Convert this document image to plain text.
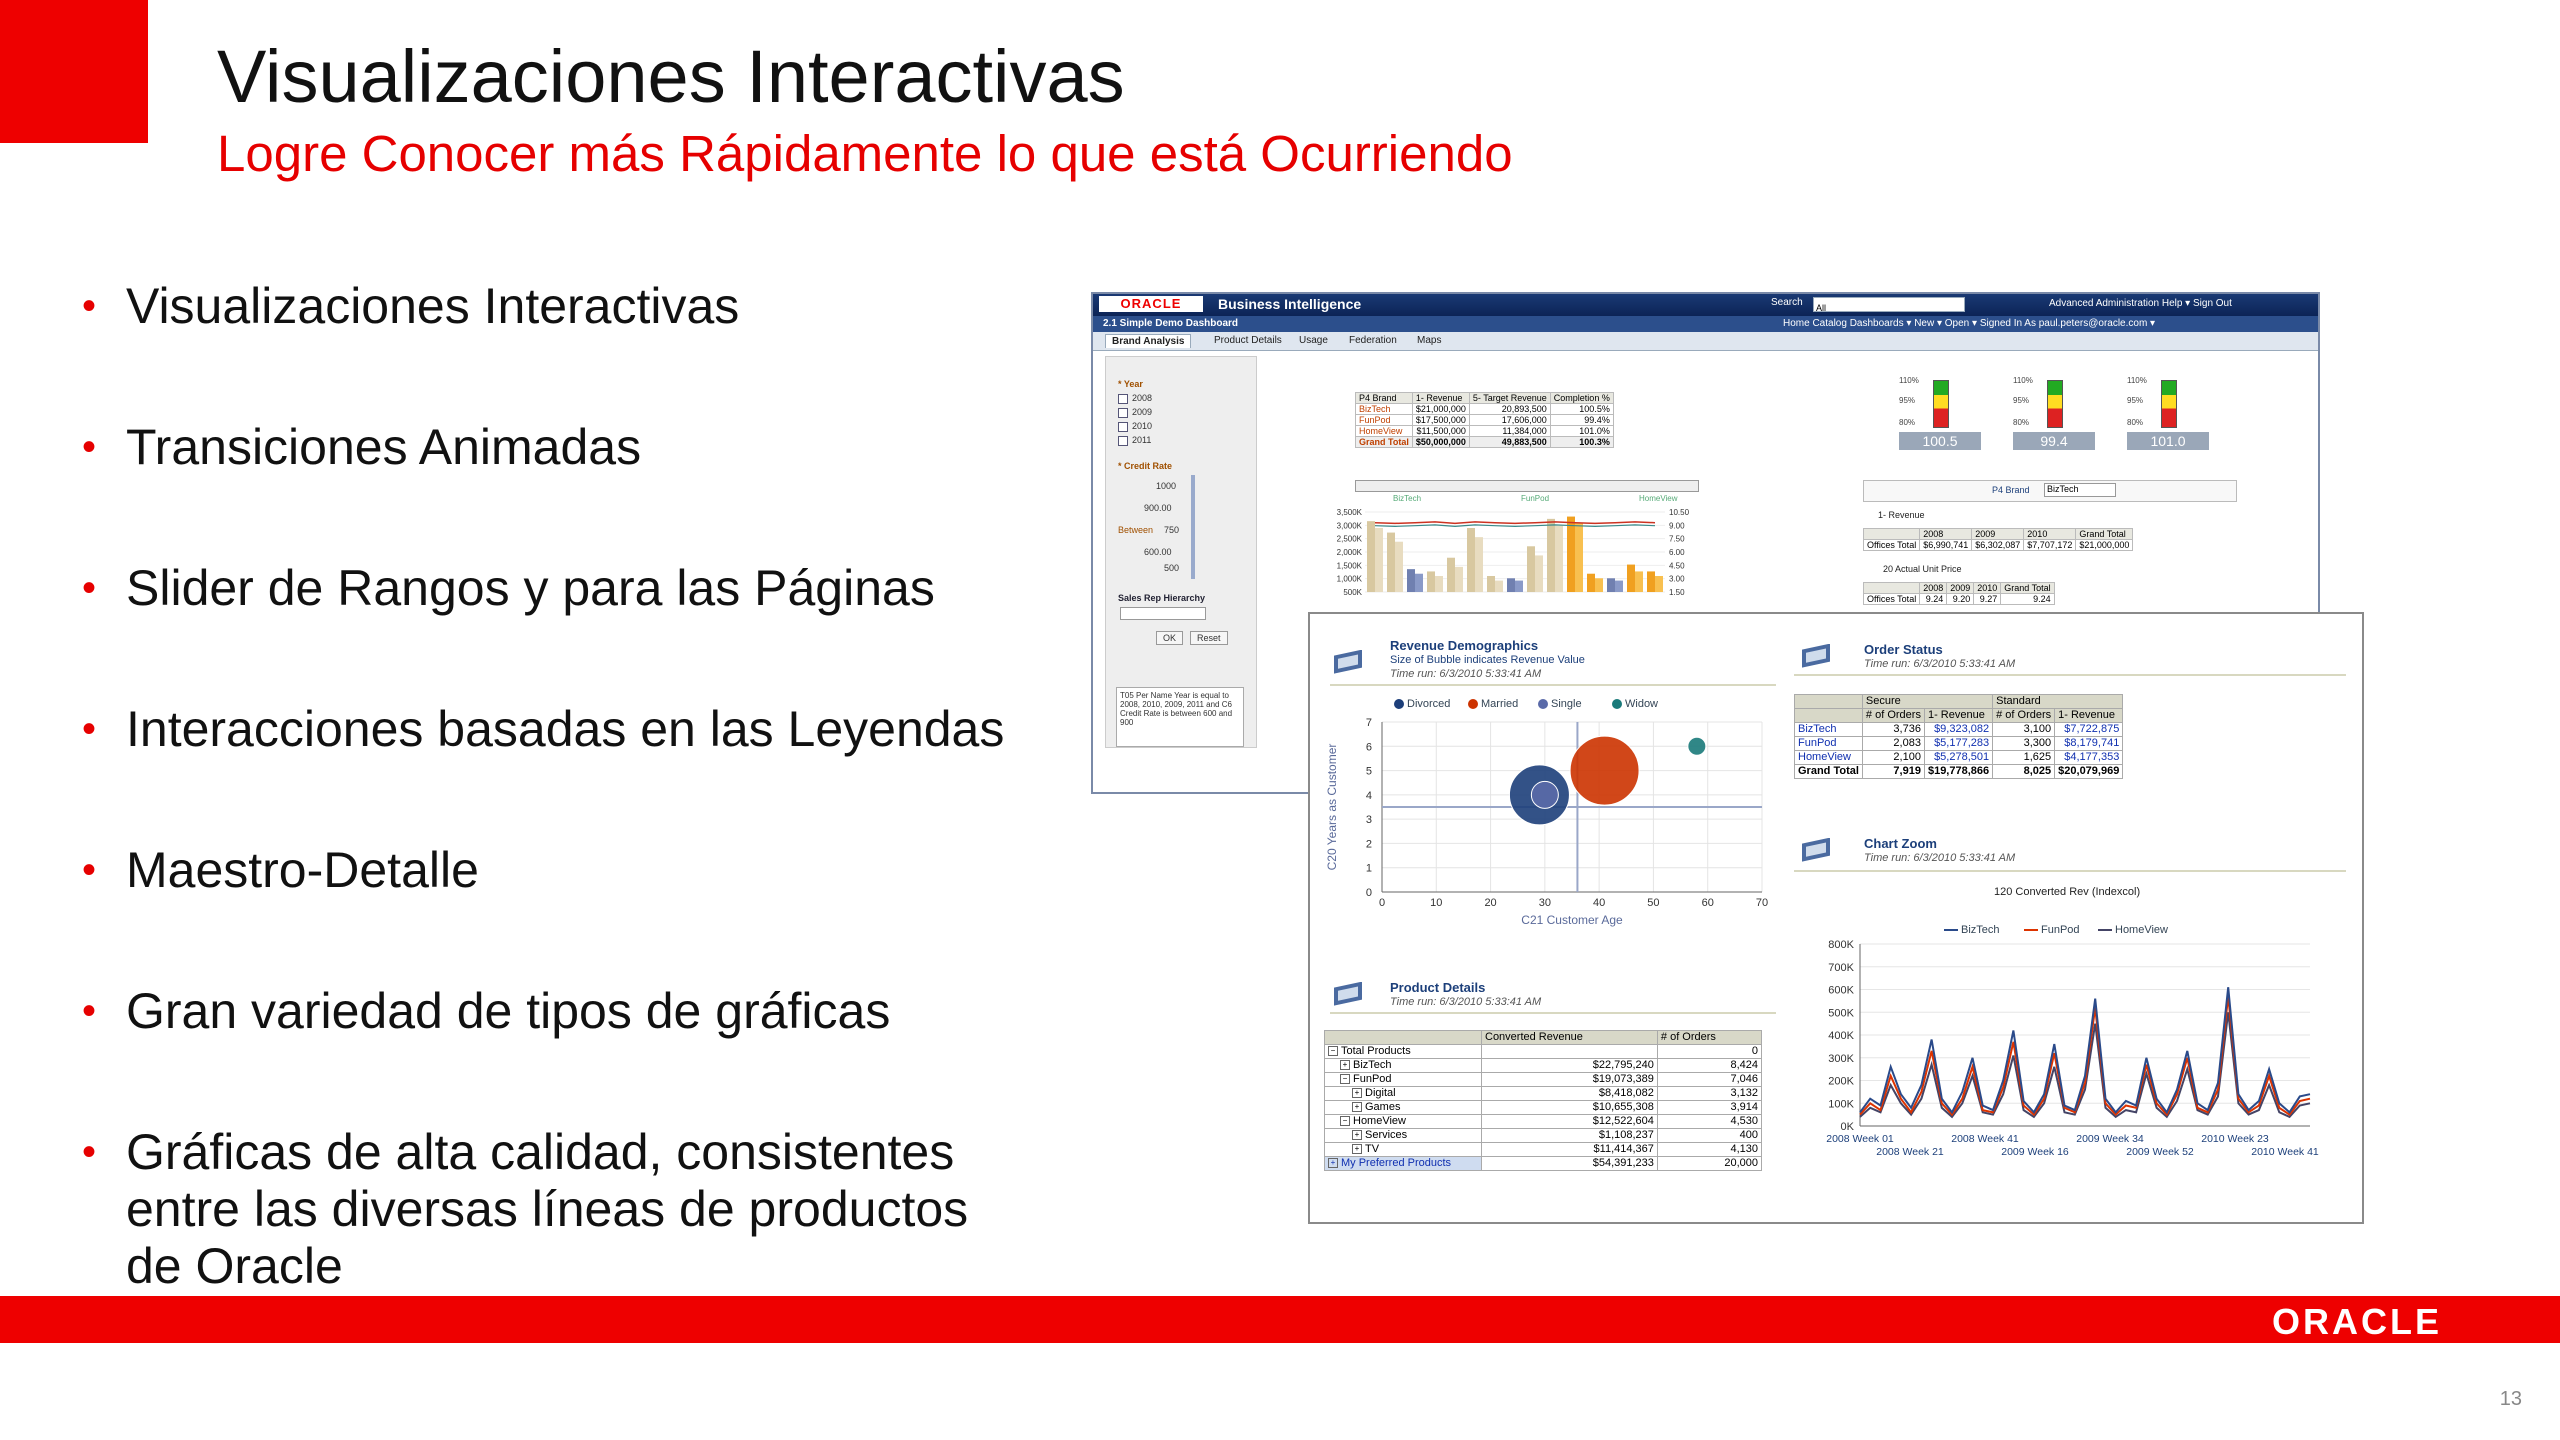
Visualizaciones Interactivas
Logre Conocer más Rápidamente lo que está Ocurriendo
• Visualizaciones Interactivas
• Transiciones Animadas
• Slider de Rangos y para las Páginas
• Interacciones basadas en las Leyendas
• Maestro-Detalle
• Gran variedad de tipos de gráficas
• Gráficas de alta calidad, consistentes entre las diversas líneas de productos de Oracle
ORACLE	Business Intelligence	Search	All	Advanced Administration Help ▾ Sign Out
2.1 Simple Demo Dashboard	Home Catalog Dashboards ▾ New ▾ Open ▾ Signed In As paul.peters@oracle.com ▾
Brand Analysis	Product Details	Usage	Federation	Maps
* Year
2008
2009
2010
2011
* Credit Rate
1000
900.00
Between 750
600.00
500
Sales Rep Hierarchy
OK	Reset
T05 Per Name Year is equal to 2008, 2010, 2009, 2011 and C6 Credit Rate is between 600 and 900
P4 Brand	1- Revenue	5- Target Revenue	Completion %
BizTech	$21,000,000	20,893,500	100.5%
FunPod	$17,500,000	17,606,000	99.4%
HomeView	$11,500,000	11,384,000	101.0%
Grand Total	$50,000,000	49,883,500	100.3%
110%
95%
80%
100.5
110%
95%
80%
99.4
110%
95%
80%
101.0
P4 Brand	BizTech
1- Revenue
	2008	2009	2010	Grand Total
Offices Total	$6,990,741	$6,302,087	$7,707,172	$21,000,000
20 Actual Unit Price
	2008	2009	2010	Grand Total
Offices Total	9.24	9.20	9.27	9.24
BizTech	FunPod	HomeView
3,500K
3,000K
2,500K
2,000K
1,500K
1,000K
500K
10.50
9.00
7.50
6.00
4.50
3.00
1.50
Revenue Demographics
Size of Bubble indicates Revenue Value
Time run: 6/3/2010 5:33:41 AM
Divorced	Married	Single	Widow
0	10	20	30	40	50	60	70
0
1
2
3
4
5
6
7
C21 Customer Age
C20 Years as Customer
Order Status
Time run: 6/3/2010 5:33:41 AM
	Secure		Standard	
	# of Orders	1- Revenue	# of Orders	1- Revenue
BizTech	3,736	$9,323,082	3,100	$7,722,875
FunPod	2,083	$5,177,283	3,300	$8,179,741
HomeView	2,100	$5,278,501	1,625	$4,177,353
Grand Total	7,919	$19,778,866	8,025	$20,079,969
Chart Zoom
Time run: 6/3/2010 5:33:41 AM
120 Converted Rev (Indexcol)
BizTech	FunPod	HomeView
0K
100K
200K
300K
400K
500K
600K
700K
800K
2008 Week 01	2008 Week 41	2009 Week 34	2010 Week 23
2008 Week 21	2009 Week 16	2009 Week 52	2010 Week 41
Product Details
Time run: 6/3/2010 5:33:41 AM
	Converted Revenue	# of Orders
− Total Products		0
+ BizTech	$22,795,240	8,424
− FunPod	$19,073,389	7,046
+ Digital	$8,418,082	3,132
+ Games	$10,655,308	3,914
− HomeView	$12,522,604	4,530
+ Services	$1,108,237	400
+ TV	$11,414,367	4,130
+ My Preferred Products	$54,391,233	20,000
ORACLE
13
